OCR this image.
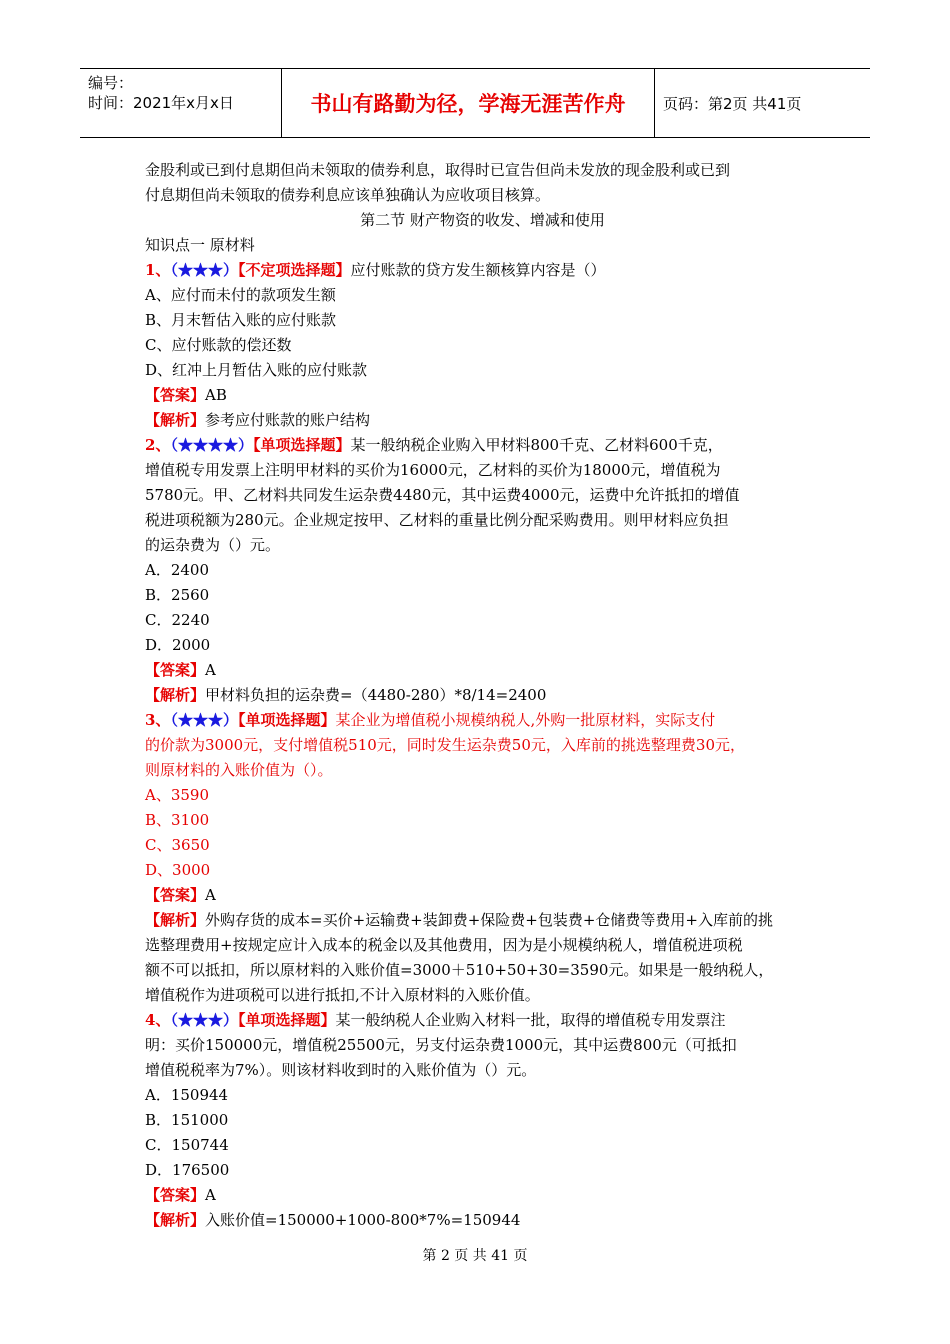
编号：
时间：2021年x月x日	书山有路勤为径，学海无涯苦作舟	页码：第2页 共41页
金股利或已到付息期但尚未领取的债券利息，取得时已宣告但尚未发放的现金股利或已到
付息期但尚未领取的债券利息应该单独确认为应收项目核算。
第二节 财产物资的收发、增减和使用
知识点一 原材料
1、（★★★）【不定项选择题】应付账款的贷方发生额核算内容是（）
A、应付而未付的款项发生额
B、月末暂估入账的应付账款
C、应付账款的偿还数
D、红冲上月暂估入账的应付账款
【答案】AB
【解析】参考应付账款的账户结构
2、（★★★★）【单项选择题】某一般纳税企业购入甲材料800千克、乙材料600千克，
增值税专用发票上注明甲材料的买价为16000元，乙材料的买价为18000元，增值税为
5780元。甲、乙材料共同发生运杂费4480元，其中运费4000元，运费中允许抵扣的增值
税进项税额为280元。企业规定按甲、乙材料的重量比例分配采购费用。则甲材料应负担
的运杂费为（）元。
A．2400
B．2560
C．2240
D．2000
【答案】A
【解析】甲材料负担的运杂费=（4480-280）*8/14=2400
3、（★★★）【单项选择题】某企业为增值税小规模纳税人,外购一批原材料，实际支付
的价款为3000元，支付增值税510元，同时发生运杂费50元，入库前的挑选整理费30元，
则原材料的入账价值为（）。
A、3590
B、3100
C、3650
D、3000
【答案】A
【解析】外购存货的成本=买价+运输费+装卸费+保险费+包装费+仓储费等费用+入库前的挑
选整理费用+按规定应计入成本的税金以及其他费用，因为是小规模纳税人，增值税进项税
额不可以抵扣，所以原材料的入账价值=3000＋510+50+30=3590元。如果是一般纳税人，
增值税作为进项税可以进行抵扣,不计入原材料的入账价值。
4、（★★★）【单项选择题】某一般纳税人企业购入材料一批，取得的增值税专用发票注
明：买价150000元，增值税25500元，另支付运杂费1000元，其中运费800元（可抵扣
增值税税率为7%）。则该材料收到时的入账价值为（）元。
A．150944
B．151000
C．150744
D．176500
【答案】A
【解析】入账价值=150000+1000-800*7%=150944
第 2 页 共 41 页
